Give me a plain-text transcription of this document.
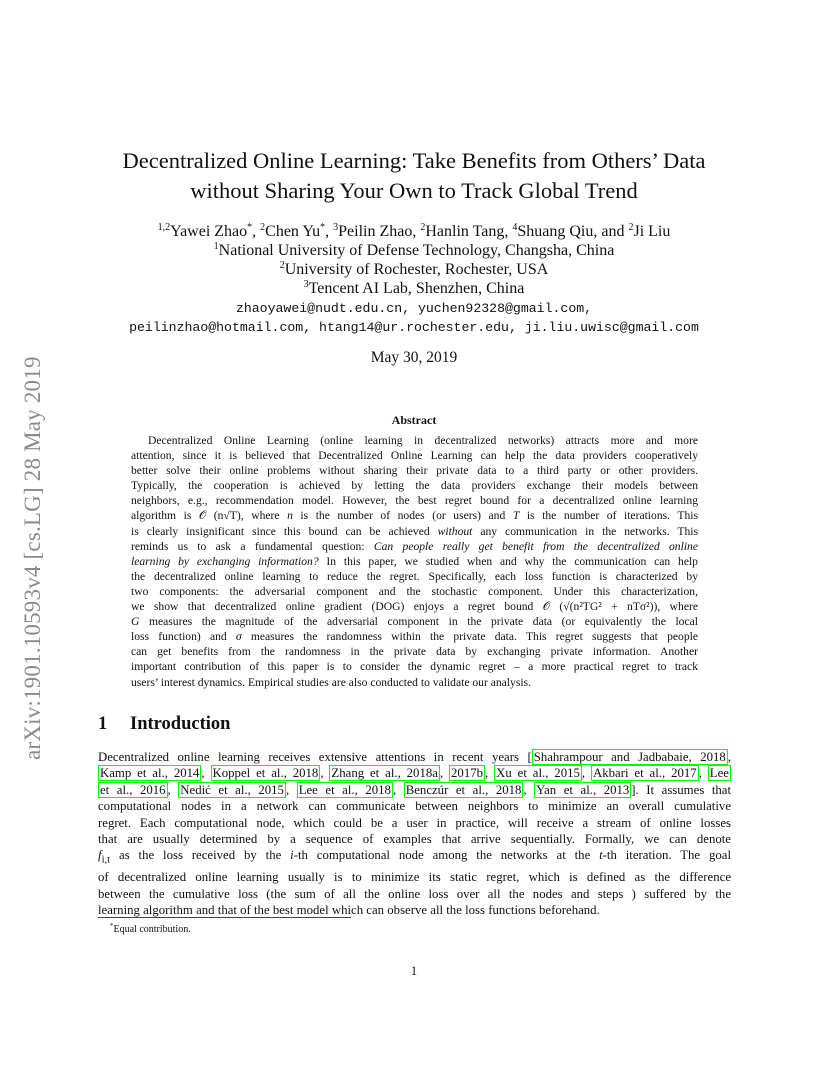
arXiv:1901.10593v4 [cs.LG] 28 May 2019
Decentralized Online Learning: Take Benefits from Others’ Data
without Sharing Your Own to Track Global Trend
$^{1,2}$Yawei Zhao*, $^2$Chen Yu*, $^3$Peilin Zhao, $^2$Hanlin Tang, $^4$Shuang Qiu, and $^2$Ji Liu
$^1$National University of Defense Technology, Changsha, China
$^2$University of Rochester, Rochester, USA
$^3$Tencent AI Lab, Shenzhen, China
zhaoyawei@nudt.edu.cn, yuchen92328@gmail.com,
peilinzhao@hotmail.com, htang14@ur.rochester.edu, ji.liu.uwisc@gmail.com
May 30, 2019
Abstract
Decentralized Online Learning (online learning in decentralized networks) attracts more and more
attention, since it is believed that Decentralized Online Learning can help the data providers cooperatively
better solve their online problems without sharing their private data to a third party or other providers.
Typically, the cooperation is achieved by letting the data providers exchange their models between
neighbors, e.g., recommendation model. However, the best regret bound for a decentralized online learning
algorithm is 𝒪 (n√T), where n is the number of nodes (or users) and T is the number of iterations. This
is clearly insignificant since this bound can be achieved without any communication in the networks. This
reminds us to ask a fundamental question: Can people really get benefit from the decentralized online
learning by exchanging information? In this paper, we studied when and why the communication can help
the decentralized online learning to reduce the regret. Specifically, each loss function is characterized by
two components: the adversarial component and the stochastic component. Under this characterization,
we show that decentralized online gradient (DOG) enjoys a regret bound 𝒪 (√(n²TG² + nTσ²)), where
G measures the magnitude of the adversarial component in the private data (or equivalently the local
loss function) and σ measures the randomness within the private data. This regret suggests that people
can get benefits from the randomness in the private data by exchanging private information. Another
important contribution of this paper is to consider the dynamic regret – a more practical regret to track
users’ interest dynamics. Empirical studies are also conducted to validate our analysis.
1 Introduction
Decentralized online learning receives extensive attentions in recent years [ Shahrampour and Jadbabaie, 2018 ,
Kamp et al., 2014 , Koppel et al., 2018 , Zhang et al., 2018a , 2017b , Xu et al., 2015 , Akbari et al., 2017 , Lee
et al., 2016 , Nedić et al., 2015 , Lee et al., 2018 , Benczúr et al., 2018 , Yan et al., 2013 ]. It assumes that
computational nodes in a network can communicate between neighbors to minimize an overall cumulative
regret. Each computational node, which could be a user in practice, will receive a stream of online losses
that are usually determined by a sequence of examples that arrive sequentially. Formally, we can denote
$f_{i,t}$ as the loss received by the i-th computational node among the networks at the t-th iteration. The goal
of decentralized online learning usually is to minimize its static regret, which is defined as the difference
between the cumulative loss (the sum of all the online loss over all the nodes and steps ) suffered by the
learning algorithm and that of the best model which can observe all the loss functions beforehand.
*Equal contribution.
1
